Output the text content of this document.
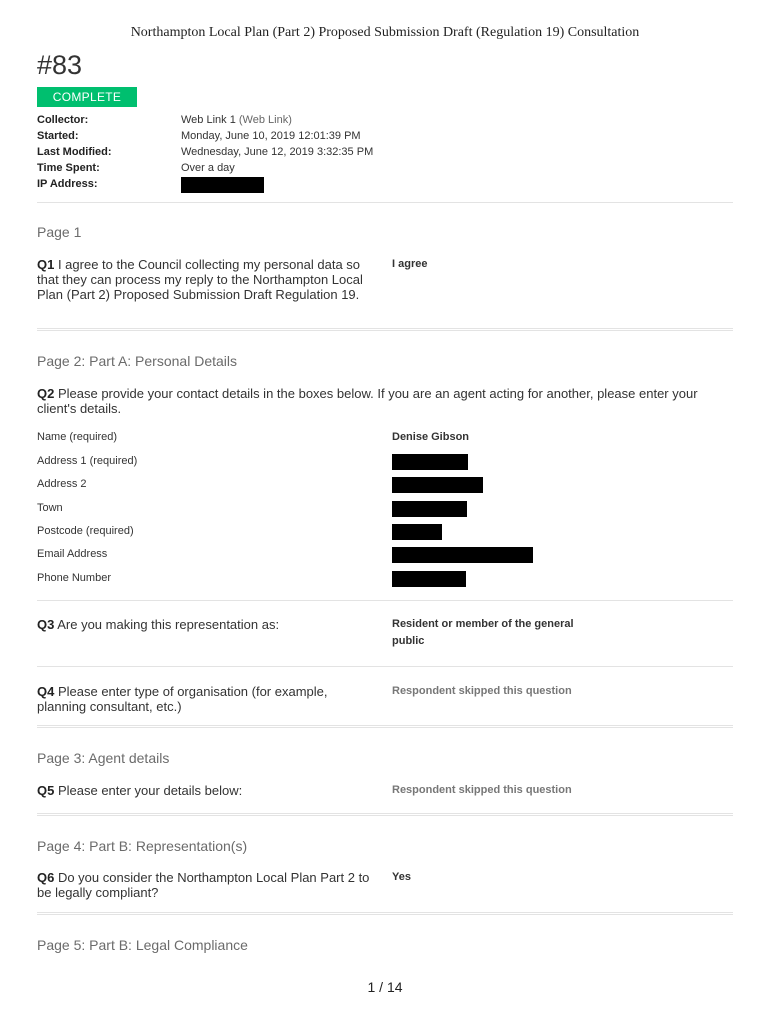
Northampton Local Plan (Part 2) Proposed Submission Draft (Regulation 19) Consultation
#83
COMPLETE
Collector:	Web Link 1 (Web Link)
Started:	Monday, June 10, 2019 12:01:39 PM
Last Modified:	Wednesday, June 12, 2019 3:32:35 PM
Time Spent:	Over a day
IP Address:
Page 1
Q1 I agree to the Council collecting my personal data so that they can process my reply to the Northampton Local Plan (Part 2) Proposed Submission Draft Regulation 19.
I agree
Page 2: Part A: Personal Details
Q2 Please provide your contact details in the boxes below. If you are an agent acting for another, please enter your client's details.
Name (required)	Denise Gibson
Address 1 (required)
Address 2
Town
Postcode (required)
Email Address
Phone Number
Q3 Are you making this representation as:	Resident or member of the general public
Q4 Please enter type of organisation (for example, planning consultant, etc.)
Respondent skipped this question
Page 3: Agent details
Q5 Please enter your details below:	Respondent skipped this question
Page 4: Part B: Representation(s)
Q6 Do you consider the Northampton Local Plan Part 2 to be legally compliant?
Yes
Page 5: Part B: Legal Compliance
1 / 14
